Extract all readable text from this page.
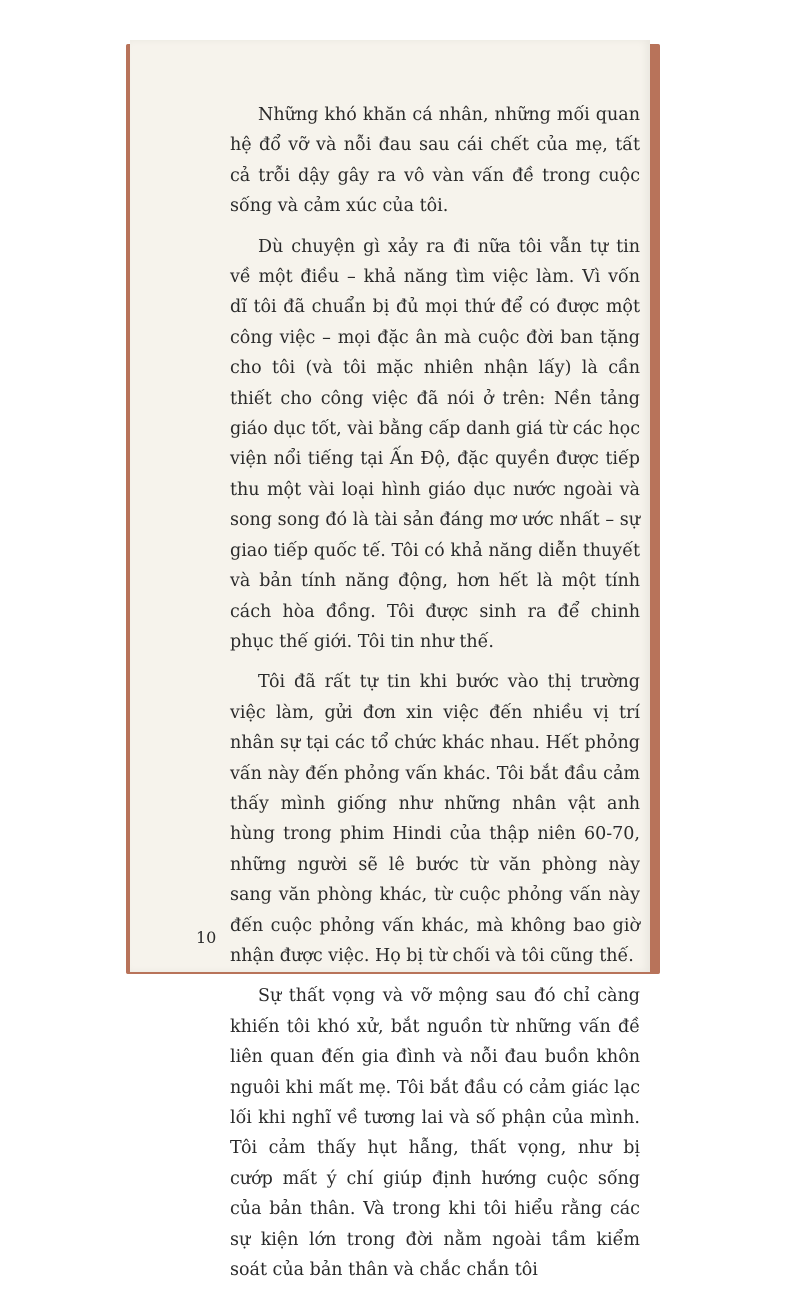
Những khó khăn cá nhân, những mối quan hệ đổ vỡ và nỗi đau sau cái chết của mẹ, tất cả trỗi dậy gây ra vô vàn vấn đề trong cuộc sống và cảm xúc của tôi.

Dù chuyện gì xảy ra đi nữa tôi vẫn tự tin về một điều – khả năng tìm việc làm. Vì vốn dĩ tôi đã chuẩn bị đủ mọi thứ để có được một công việc – mọi đặc ân mà cuộc đời ban tặng cho tôi (và tôi mặc nhiên nhận lấy) là cần thiết cho công việc đã nói ở trên: Nền tảng giáo dục tốt, vài bằng cấp danh giá từ các học viện nổi tiếng tại Ấn Độ, đặc quyền được tiếp thu một vài loại hình giáo dục nước ngoài và song song đó là tài sản đáng mơ ước nhất – sự giao tiếp quốc tế. Tôi có khả năng diễn thuyết và bản tính năng động, hơn hết là một tính cách hòa đồng. Tôi được sinh ra để chinh phục thế giới. Tôi tin như thế.

Tôi đã rất tự tin khi bước vào thị trường việc làm, gửi đơn xin việc đến nhiều vị trí nhân sự tại các tổ chức khác nhau. Hết phỏng vấn này đến phỏng vấn khác. Tôi bắt đầu cảm thấy mình giống như những nhân vật anh hùng trong phim Hindi của thập niên 60-70, những người sẽ lê bước từ văn phòng này sang văn phòng khác, từ cuộc phỏng vấn này đến cuộc phỏng vấn khác, mà không bao giờ nhận được việc. Họ bị từ chối và tôi cũng thế.

Sự thất vọng và vỡ mộng sau đó chỉ càng khiến tôi khó xử, bắt nguồn từ những vấn đề liên quan đến gia đình và nỗi đau buồn khôn nguôi khi mất mẹ. Tôi bắt đầu có cảm giác lạc lối khi nghĩ về tương lai và số phận của mình. Tôi cảm thấy hụt hẫng, thất vọng, như bị cướp mất ý chí giúp định hướng cuộc sống của bản thân. Và trong khi tôi hiểu rằng các sự kiện lớn trong đời nằm ngoài tầm kiểm soát của bản thân và chắc chắn tôi

10
